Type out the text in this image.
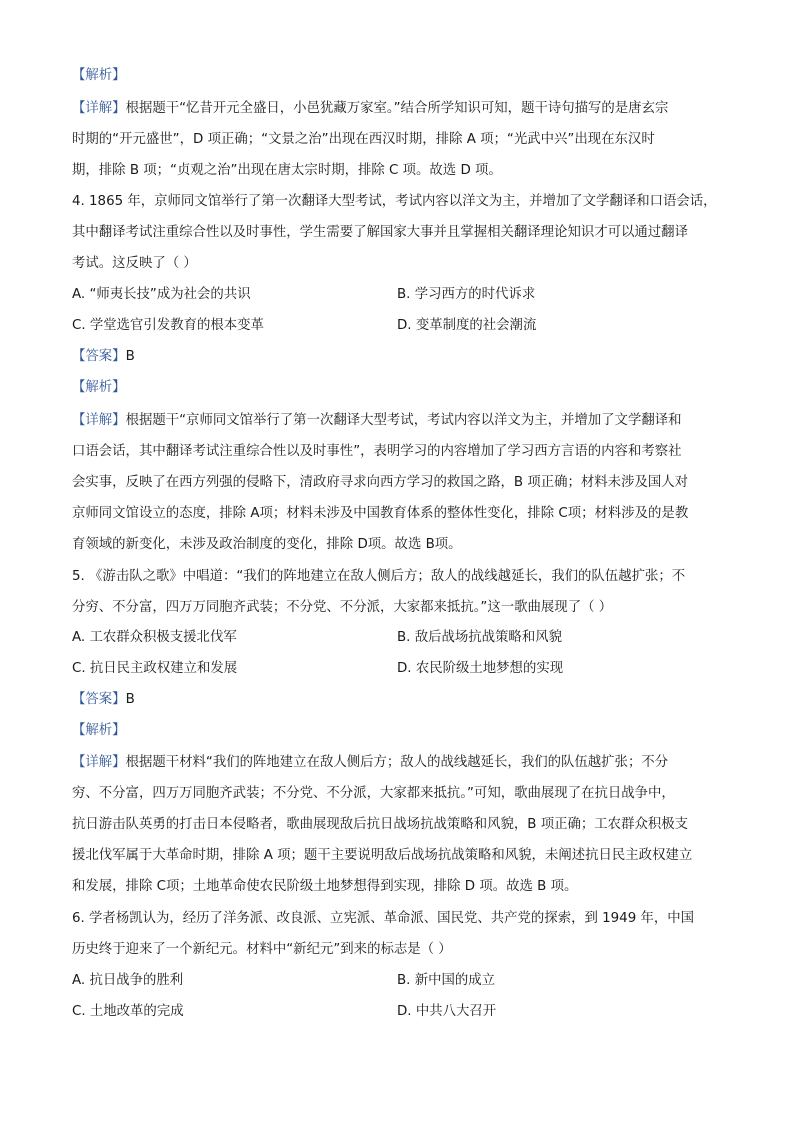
【解析】
【详解】根据题干“忆昔开元全盛日，小邑犹藏万家室。”结合所学知识可知，题干诗句描写的是唐玄宗
时期的“开元盛世”，D 项正确；“文景之治”出现在西汉时期，排除 A 项；“光武中兴”出现在东汉时
期，排除 B 项；“贞观之治”出现在唐太宗时期，排除 C 项。故选 D 项。
4. 1865 年，京师同文馆举行了第一次翻译大型考试，考试内容以洋文为主，并增加了文学翻译和口语会话，
其中翻译考试注重综合性以及时事性，学生需要了解国家大事并且掌握相关翻译理论知识才可以通过翻译
考试。这反映了（ ）
A. “师夷长技”成为社会的共识	B. 学习西方的时代诉求
C. 学堂选官引发教育的根本变革	D. 变革制度的社会潮流
【答案】B
【解析】
【详解】根据题干“京师同文馆举行了第一次翻译大型考试，考试内容以洋文为主，并增加了文学翻译和
口语会话，其中翻译考试注重综合性以及时事性”，表明学习的内容增加了学习西方言语的内容和考察社
会实事，反映了在西方列强的侵略下，清政府寻求向西方学习的救国之路，B 项正确；材料未涉及国人对
京师同文馆设立的态度，排除 A项；材料未涉及中国教育体系的整体性变化，排除 C项；材料涉及的是教
育领域的新变化，未涉及政治制度的变化，排除 D项。故选 B项。
5. 《游击队之歌》中唱道：“我们的阵地建立在敌人侧后方；敌人的战线越延长，我们的队伍越扩张；不
分穷、不分富，四万万同胞齐武装；不分党、不分派，大家都来抵抗。”这一歌曲展现了（ ）
A. 工农群众积极支援北伐军	B. 敌后战场抗战策略和风貌
C. 抗日民主政权建立和发展	D. 农民阶级土地梦想的实现
【答案】B
【解析】
【详解】根据题干材料“我们的阵地建立在敌人侧后方；敌人的战线越延长，我们的队伍越扩张；不分
穷、不分富，四万万同胞齐武装；不分党、不分派，大家都来抵抗。”可知，歌曲展现了在抗日战争中，
抗日游击队英勇的打击日本侵略者，歌曲展现敌后抗日战场抗战策略和风貌，B 项正确；工农群众积极支
援北伐军属于大革命时期，排除 A 项；题干主要说明敌后战场抗战策略和风貌，未阐述抗日民主政权建立
和发展，排除 C项；土地革命使农民阶级土地梦想得到实现，排除 D 项。故选 B 项。
6. 学者杨凯认为，经历了洋务派、改良派、立宪派、革命派、国民党、共产党的探索，到 1949 年，中国
历史终于迎来了一个新纪元。材料中“新纪元”到来的标志是（ ）
A. 抗日战争的胜利	B. 新中国的成立
C. 土地改革的完成	D. 中共八大召开
